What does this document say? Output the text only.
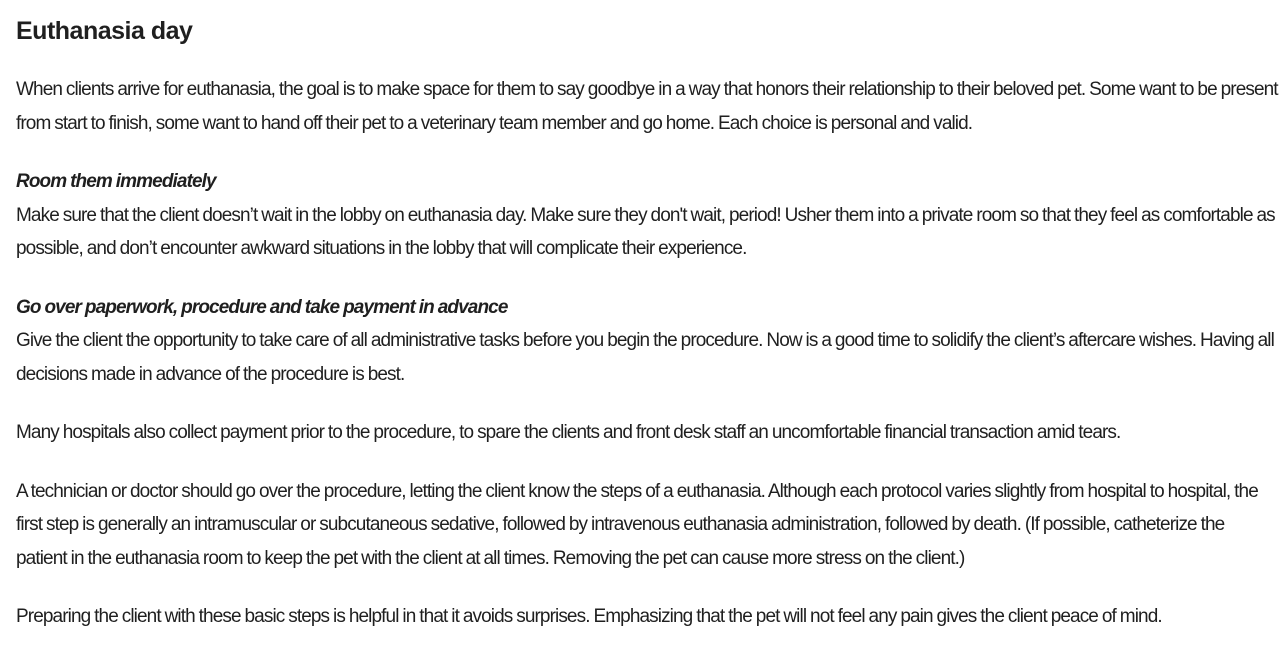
Euthanasia day

When clients arrive for euthanasia, the goal is to make space for them to say goodbye in a way that honors their relationship to their beloved pet. Some want to be present from start to finish, some want to hand off their pet to a veterinary team member and go home. Each choice is personal and valid.

Room them immediately
Make sure that the client doesn’t wait in the lobby on euthanasia day. Make sure they don't wait, period! Usher them into a private room so that they feel as comfortable as possible, and don’t encounter awkward situations in the lobby that will complicate their experience.

Go over paperwork, procedure and take payment in advance
Give the client the opportunity to take care of all administrative tasks before you begin the procedure. Now is a good time to solidify the client’s aftercare wishes. Having all decisions made in advance of the procedure is best.

Many hospitals also collect payment prior to the procedure, to spare the clients and front desk staff an uncomfortable financial transaction amid tears.

A technician or doctor should go over the procedure, letting the client know the steps of a euthanasia. Although each protocol varies slightly from hospital to hospital, the first step is generally an intramuscular or subcutaneous sedative, followed by intravenous euthanasia administration, followed by death. (If possible, catheterize the patient in the euthanasia room to keep the pet with the client at all times. Removing the pet can cause more stress on the client.)

Preparing the client with these basic steps is helpful in that it avoids surprises. Emphasizing that the pet will not feel any pain gives the client peace of mind.
